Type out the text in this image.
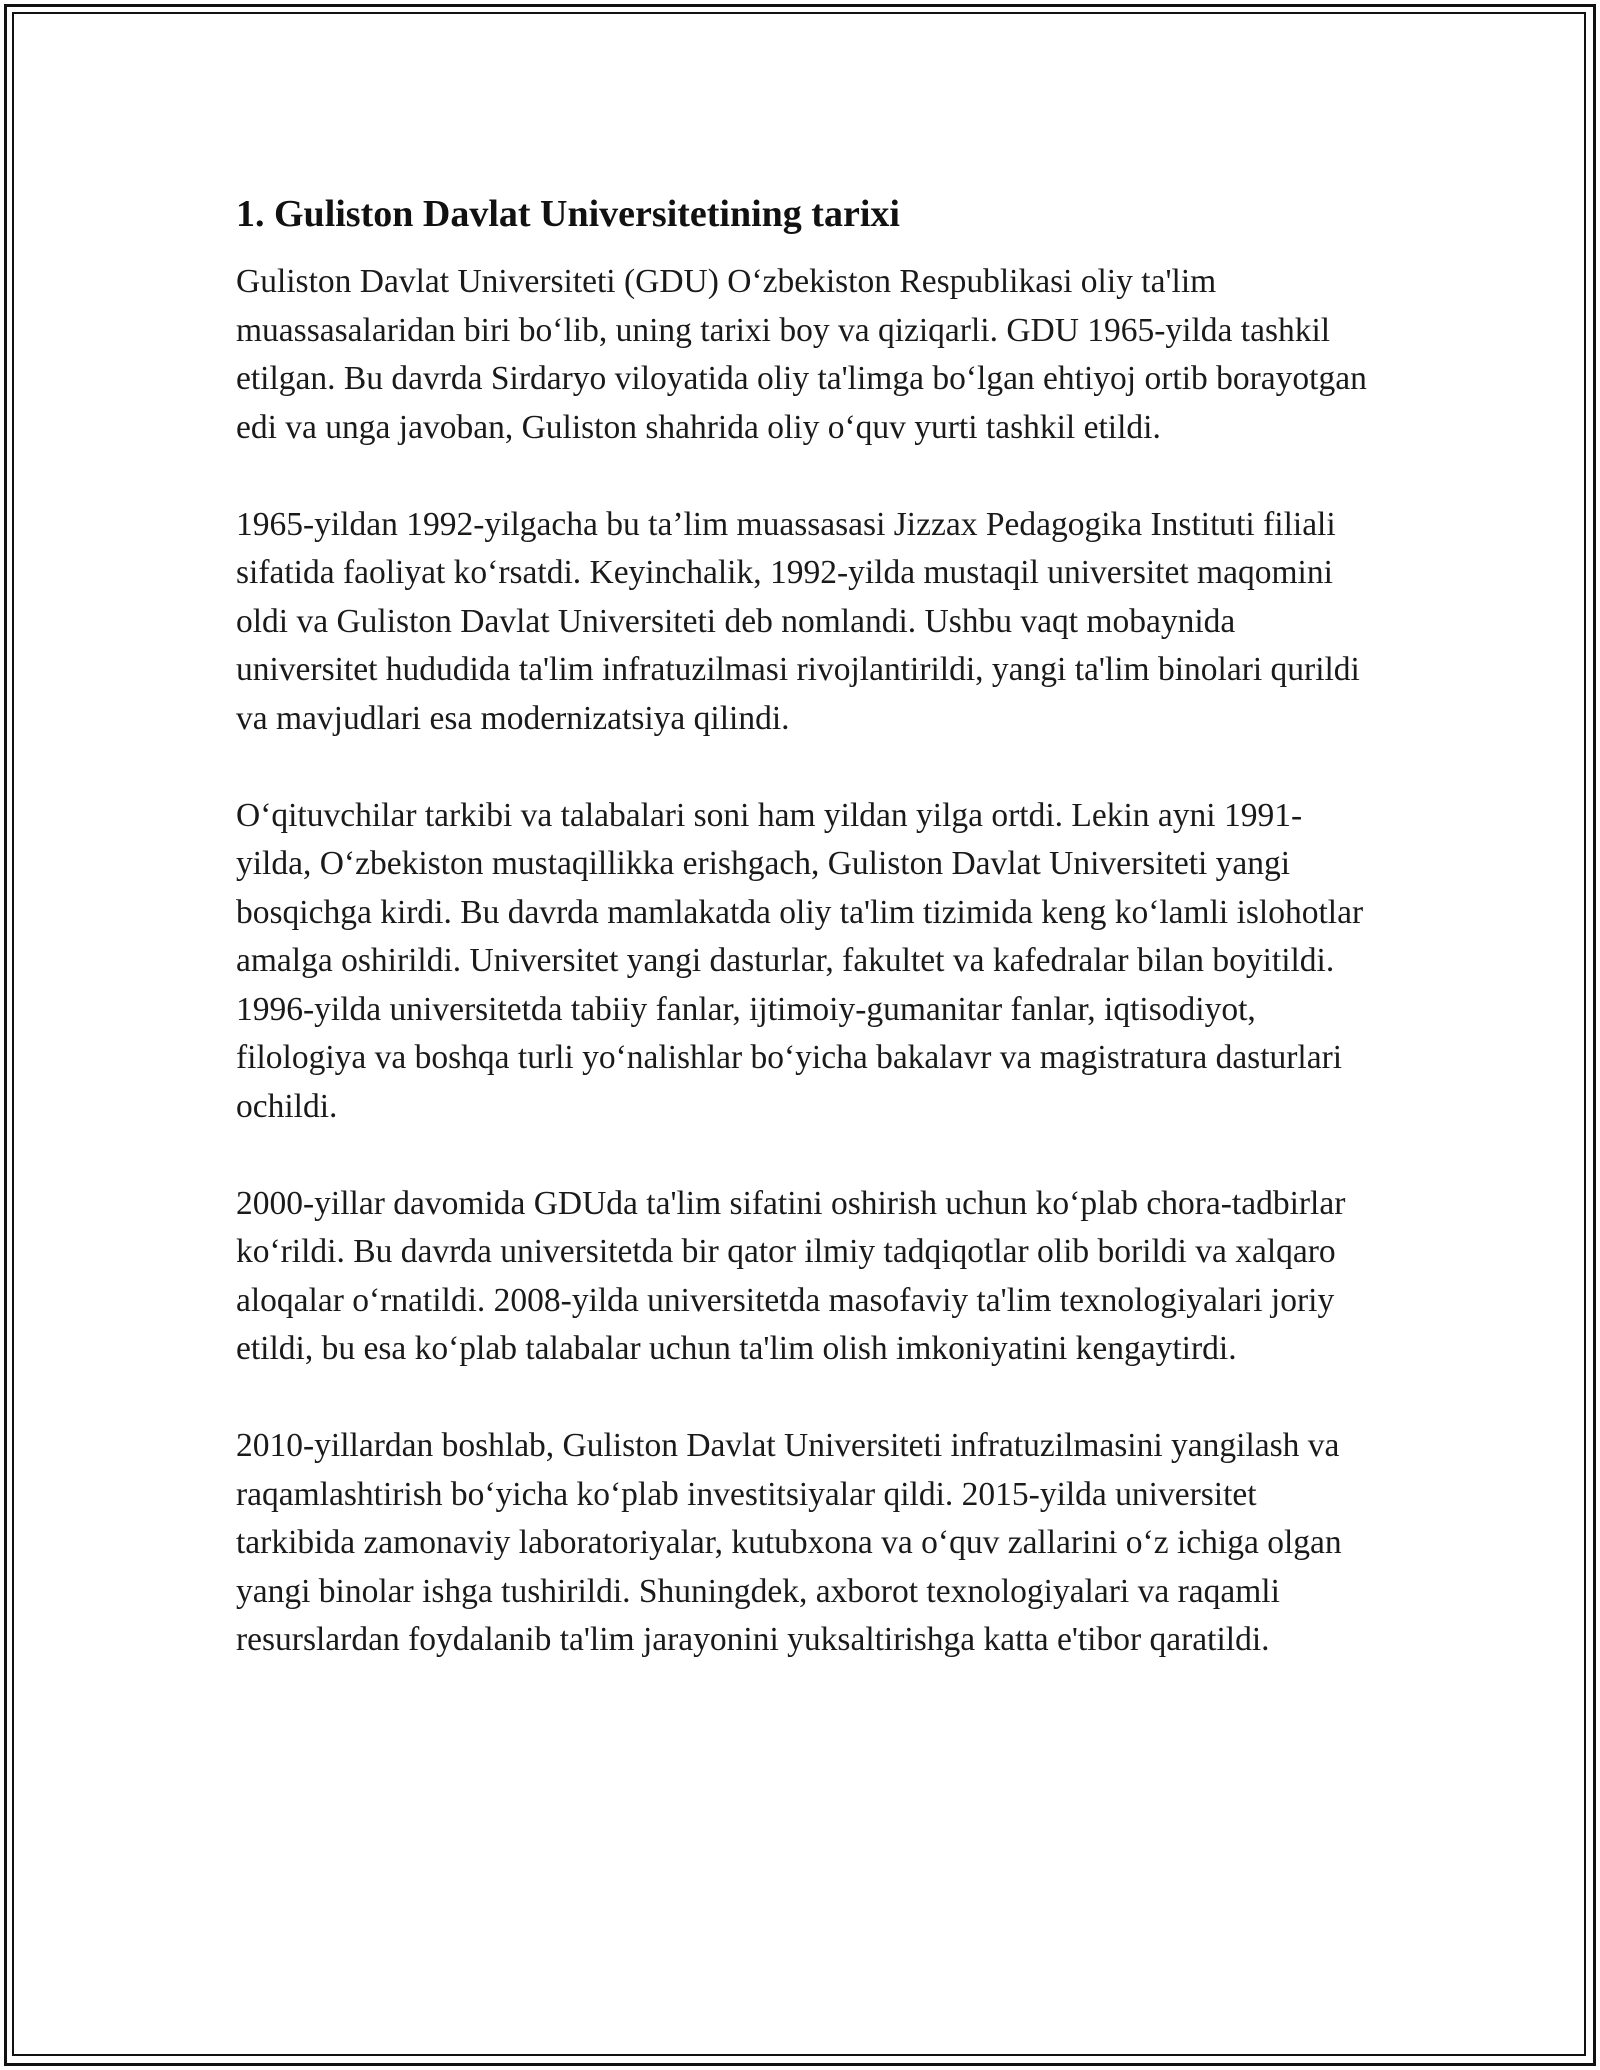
1. Guliston Davlat Universitetining tarixi

Guliston Davlat Universiteti (GDU) O‘zbekiston Respublikasi oliy ta'lim muassasalaridan biri bo‘lib, uning tarixi boy va qiziqarli. GDU 1965-yilda tashkil etilgan. Bu davrda Sirdaryo viloyatida oliy ta'limga bo‘lgan ehtiyoj ortib borayotgan edi va unga javoban, Guliston shahrida oliy o‘quv yurti tashkil etildi.

1965-yildan 1992-yilgacha bu ta’lim muassasasi Jizzax Pedagogika Instituti filiali sifatida faoliyat ko‘rsatdi. Keyinchalik, 1992-yilda mustaqil universitet maqomini oldi va Guliston Davlat Universiteti deb nomlandi. Ushbu vaqt mobaynida universitet hududida ta'lim infratuzilmasi rivojlantirildi, yangi ta'lim binolari qurildi va mavjudlari esa modernizatsiya qilindi.

O‘qituvchilar tarkibi va talabalari soni ham yildan yilga ortdi. Lekin ayni 1991-yilda, O‘zbekiston mustaqillikka erishgach, Guliston Davlat Universiteti yangi bosqichga kirdi. Bu davrda mamlakatda oliy ta'lim tizimida keng ko‘lamli islohotlar amalga oshirildi. Universitet yangi dasturlar, fakultet va kafedralar bilan boyitildi. 1996-yilda universitetda tabiiy fanlar, ijtimoiy-gumanitar fanlar, iqtisodiyot, filologiya va boshqa turli yo‘nalishlar bo‘yicha bakalavr va magistratura dasturlari ochildi.

2000-yillar davomida GDUda ta'lim sifatini oshirish uchun ko‘plab chora-tadbirlar ko‘rildi. Bu davrda universitetda bir qator ilmiy tadqiqotlar olib borildi va xalqaro aloqalar o‘rnatildi. 2008-yilda universitetda masofaviy ta'lim texnologiyalari joriy etildi, bu esa ko‘plab talabalar uchun ta'lim olish imkoniyatini kengaytirdi.

2010-yillardan boshlab, Guliston Davlat Universiteti infratuzilmasini yangilash va raqamlashtirish bo‘yicha ko‘plab investitsiyalar qildi. 2015-yilda universitet tarkibida zamonaviy laboratoriyalar, kutubxona va o‘quv zallarini o‘z ichiga olgan yangi binolar ishga tushirildi. Shuningdek, axborot texnologiyalari va raqamli resurslardan foydalanib ta'lim jarayonini yuksaltirishga katta e'tibor qaratildi.
